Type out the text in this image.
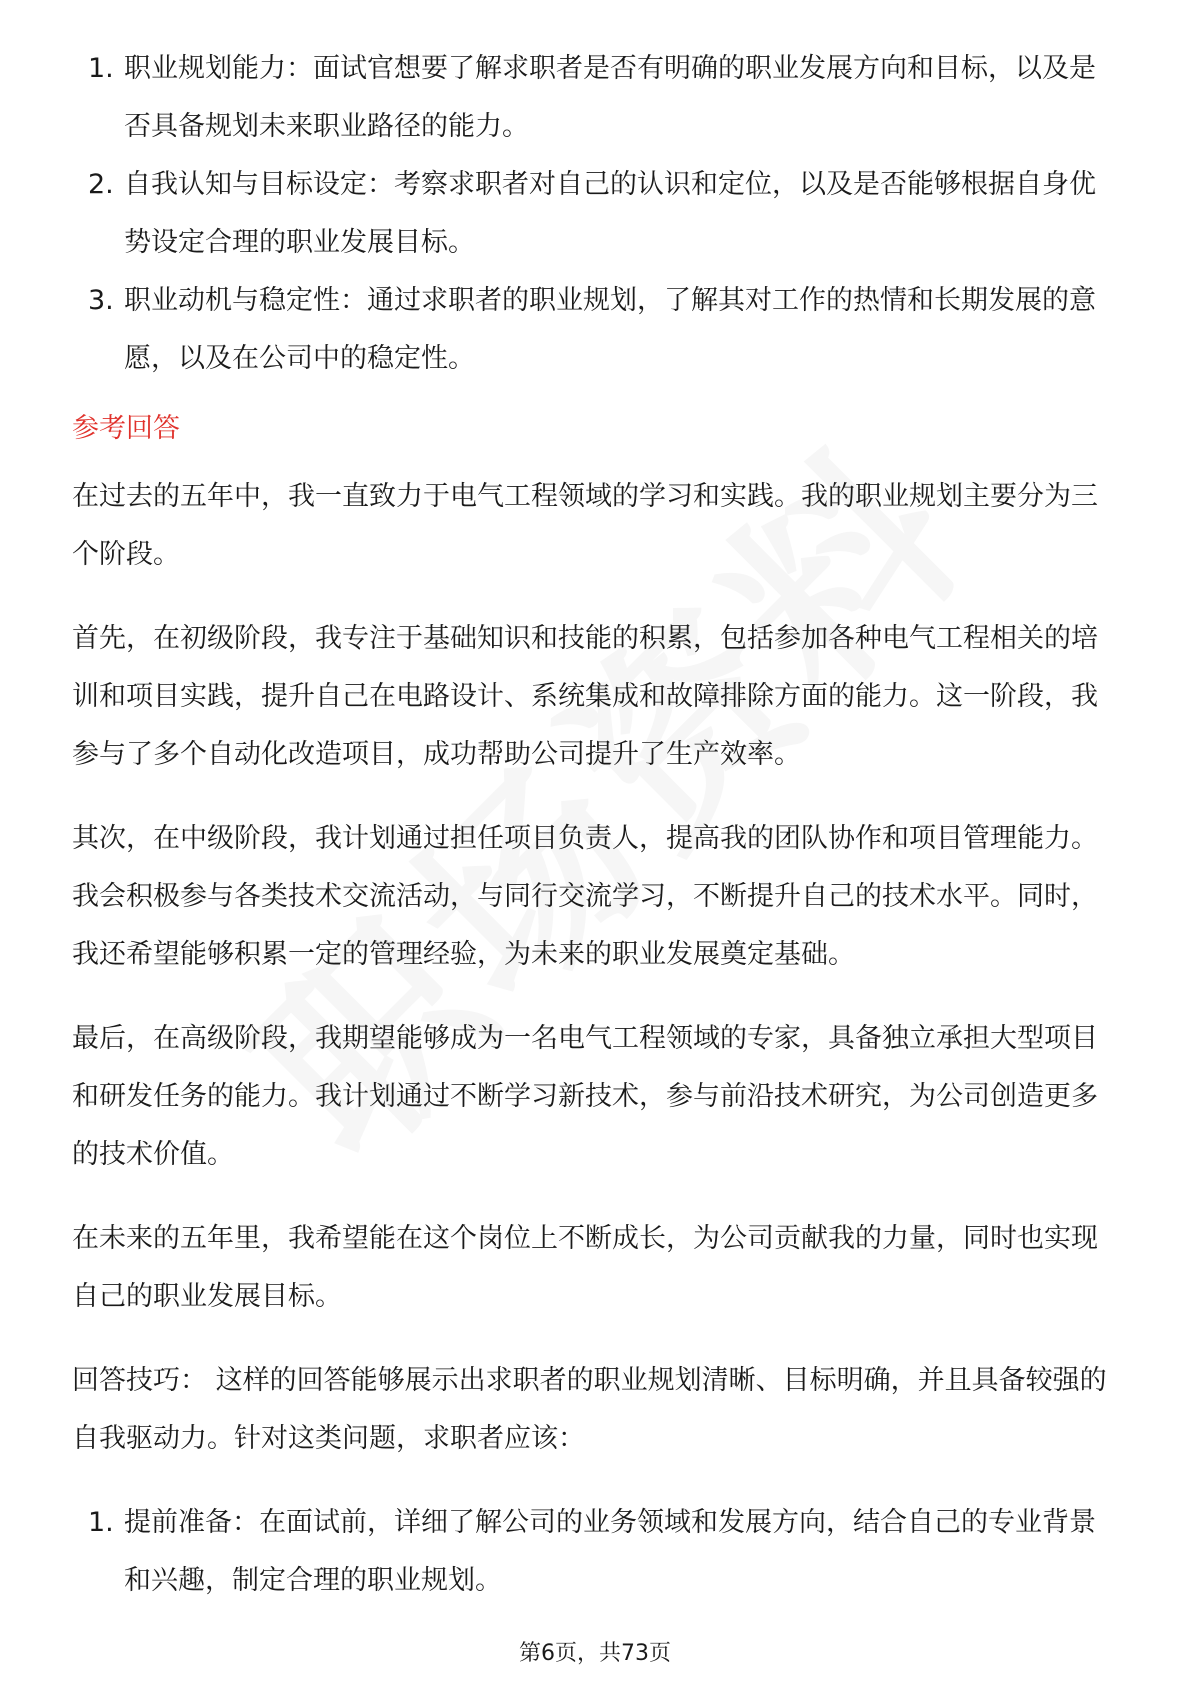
1. 职业规划能力：面试官想要了解求职者是否有明确的职业发展方向和目标，以及是否具备规划未来职业路径的能力。
2. 自我认知与目标设定：考察求职者对自己的认识和定位，以及是否能够根据自身优势设定合理的职业发展目标。
3. 职业动机与稳定性：通过求职者的职业规划，了解其对工作的热情和长期发展的意愿，以及在公司中的稳定性。
参考回答

在过去的五年中，我一直致力于电气工程领域的学习和实践。我的职业规划主要分为三个阶段。

首先，在初级阶段，我专注于基础知识和技能的积累，包括参加各种电气工程相关的培训和项目实践，提升自己在电路设计、系统集成和故障排除方面的能力。这一阶段，我参与了多个自动化改造项目，成功帮助公司提升了生产效率。

其次，在中级阶段，我计划通过担任项目负责人，提高我的团队协作和项目管理能力。我会积极参与各类技术交流活动，与同行交流学习，不断提升自己的技术水平。同时，我还希望能够积累一定的管理经验，为未来的职业发展奠定基础。

最后，在高级阶段，我期望能够成为一名电气工程领域的专家，具备独立承担大型项目和研发任务的能力。我计划通过不断学习新技术，参与前沿技术研究，为公司创造更多的技术价值。

在未来的五年里，我希望能在这个岗位上不断成长，为公司贡献我的力量，同时也实现自己的职业发展目标。

回答技巧： 这样的回答能够展示出求职者的职业规划清晰、目标明确，并且具备较强的自我驱动力。针对这类问题，求职者应该：

1. 提前准备：在面试前，详细了解公司的业务领域和发展方向，结合自己的专业背景和兴趣，制定合理的职业规划。
第6页，共73页
